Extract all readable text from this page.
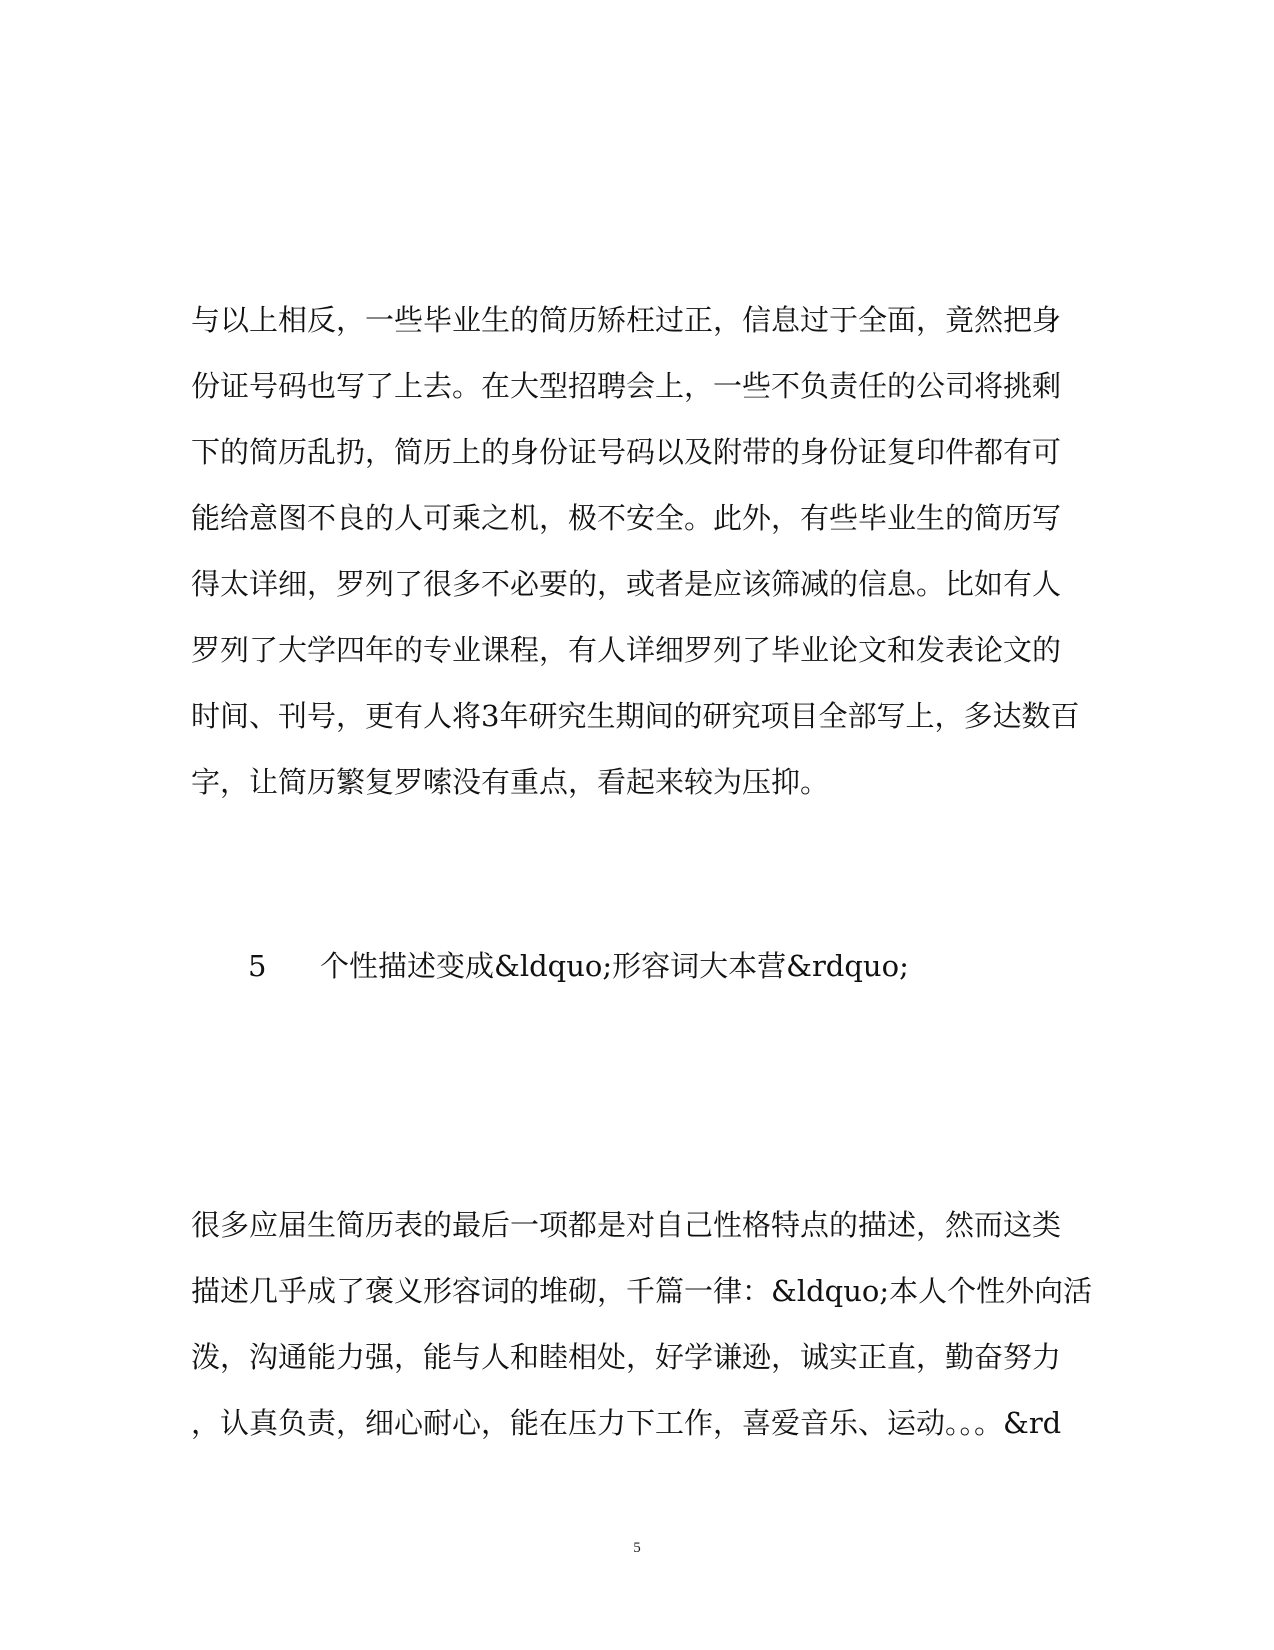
与以上相反，一些毕业生的简历矫枉过正，信息过于全面，竟然把身
份证号码也写了上去。在大型招聘会上，一些不负责任的公司将挑剩
下的简历乱扔，简历上的身份证号码以及附带的身份证复印件都有可
能给意图不良的人可乘之机，极不安全。此外，有些毕业生的简历写
得太详细，罗列了很多不必要的，或者是应该筛减的信息。比如有人
罗列了大学四年的专业课程，有人详细罗列了毕业论文和发表论文的
时间、刊号，更有人将3年研究生期间的研究项目全部写上，多达数百
字，让简历繁复罗嗦没有重点，看起来较为压抑。

5 个性描述变成&ldquo;形容词大本营&rdquo;

很多应届生简历表的最后一项都是对自己性格特点的描述，然而这类
描述几乎成了褒义形容词的堆砌，千篇一律：&ldquo;本人个性外向活
泼，沟通能力强，能与人和睦相处，好学谦逊，诚实正直，勤奋努力
，认真负责，细心耐心，能在压力下工作，喜爱音乐、运动。。。&rd

5
